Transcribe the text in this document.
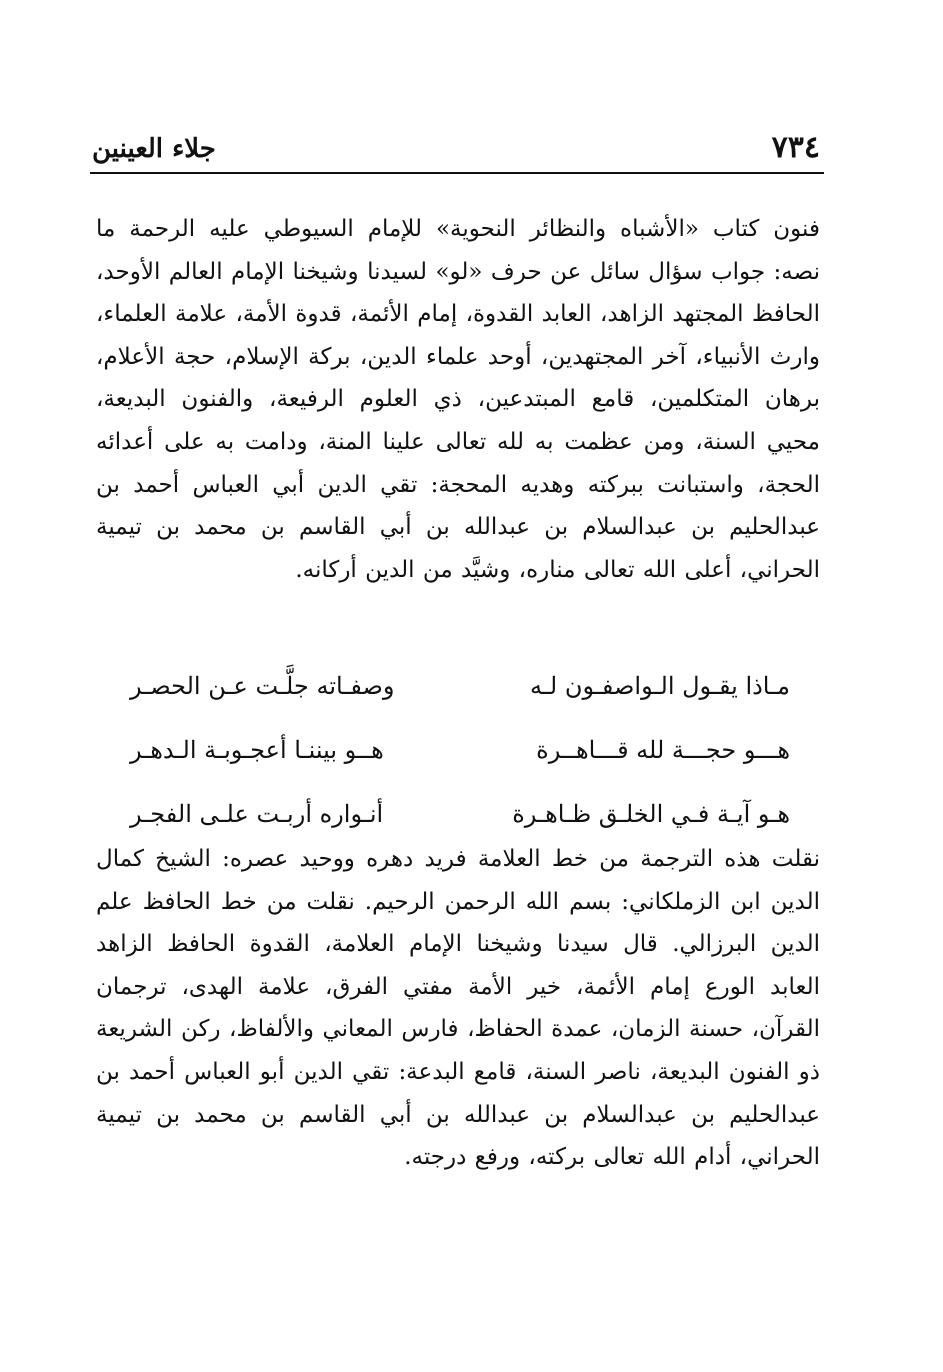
٧٣٤
جلاء العينين

فنون كتاب «الأشباه والنظائر النحوية» للإمام السيوطي عليه الرحمة ما نصه: جواب سؤال سائل عن حرف «لو» لسيدنا وشيخنا الإمام العالم الأوحد، الحافظ المجتهد الزاهد، العابد القدوة، إمام الأئمة، قدوة الأمة، علامة العلماء، وارث الأنبياء، آخر المجتهدين، أوحد علماء الدين، بركة الإسلام، حجة الأعلام، برهان المتكلمين، قامع المبتدعين، ذي العلوم الرفيعة، والفنون البديعة، محيي السنة، ومن عظمت به لله تعالى علينا المنة، ودامت به على أعدائه الحجة، واستبانت ببركته وهديه المحجة: تقي الدين أبي العباس أحمد بن عبدالحليم بن عبدالسلام بن عبدالله بن أبي القاسم بن محمد بن تيمية الحراني، أعلى الله تعالى مناره، وشيَّد من الدين أركانه.

مـاذا يقـول الـواصفـون لـه
وصفـاته جلَّـت عـن الحصـر
هـــو حجـــة لله قـــاهــرة
هــو بيننـا أعجـوبـة الـدهـر
هـو آيـة فـي الخلـق ظـاهـرة
أنـواره أربـت علـى الفجـر

نقلت هذه الترجمة من خط العلامة فريد دهره ووحيد عصره: الشيخ كمال الدين ابن الزملكاني: بسم الله الرحمن الرحيم. نقلت من خط الحافظ علم الدين البرزالي. قال سيدنا وشيخنا الإمام العلامة، القدوة الحافظ الزاهد العابد الورع إمام الأئمة، خير الأمة مفتي الفرق، علامة الهدى، ترجمان القرآن، حسنة الزمان، عمدة الحفاظ، فارس المعاني والألفاظ، ركن الشريعة ذو الفنون البديعة، ناصر السنة، قامع البدعة: تقي الدين أبو العباس أحمد بن عبدالحليم بن عبدالسلام بن عبدالله بن أبي القاسم بن محمد بن تيمية الحراني، أدام الله تعالى بركته، ورفع درجته.
